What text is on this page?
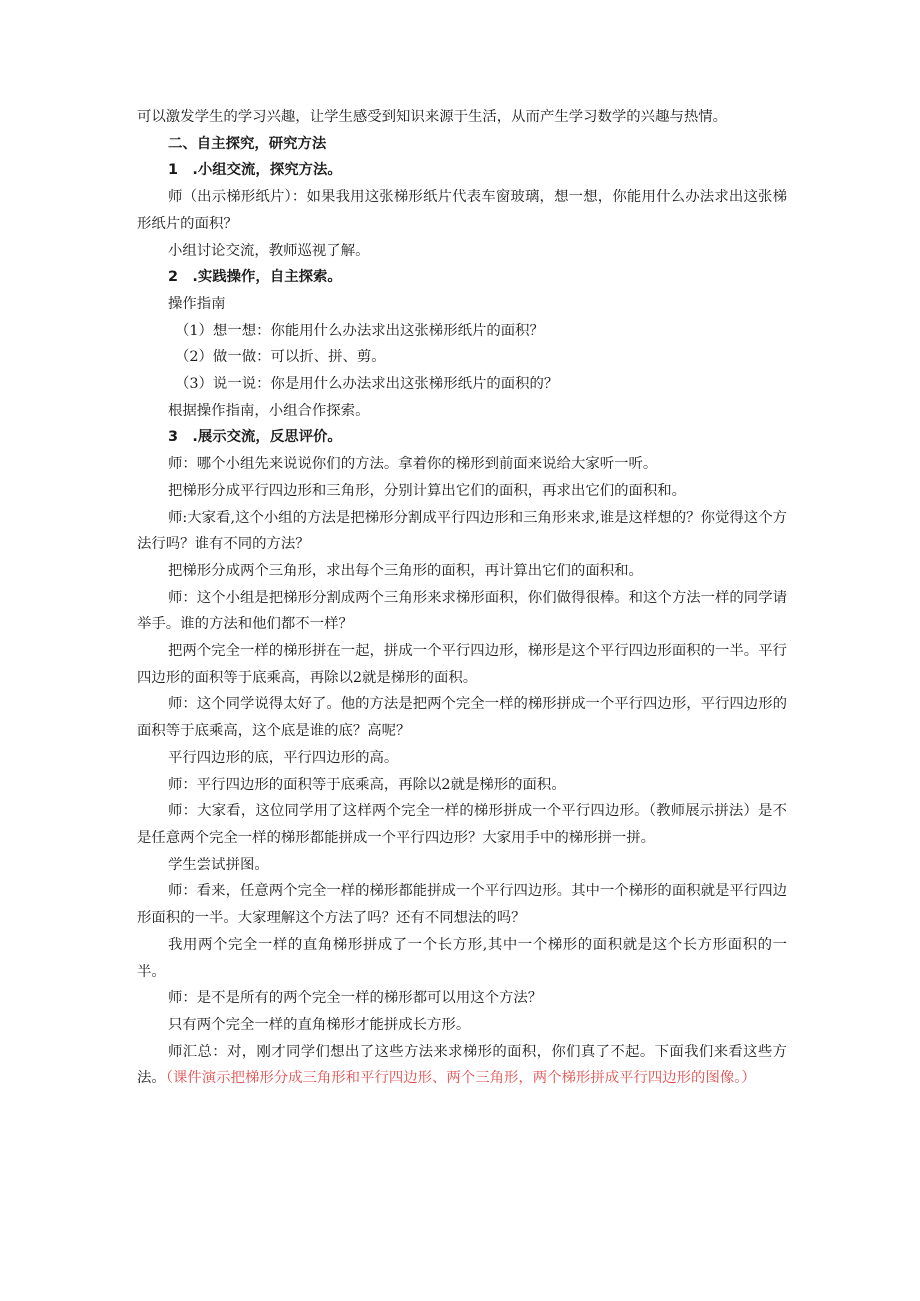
可以激发学生的学习兴趣，让学生感受到知识来源于生活，从而产生学习数学的兴趣与热情。

二、自主探究，研究方法

1　.小组交流，探究方法。

师（出示梯形纸片）：如果我用这张梯形纸片代表车窗玻璃，想一想，你能用什么办法求出这张梯形纸片的面积？

小组讨论交流，教师巡视了解。

2　.实践操作，自主探索。

操作指南

（1）想一想：你能用什么办法求出这张梯形纸片的面积？

（2）做一做：可以折、拼、剪。

（3）说一说：你是用什么办法求出这张梯形纸片的面积的？

根据操作指南，小组合作探索。

3　.展示交流，反思评价。

师：哪个小组先来说说你们的方法。拿着你的梯形到前面来说给大家听一听。

把梯形分成平行四边形和三角形，分别计算出它们的面积，再求出它们的面积和。

师:大家看,这个小组的方法是把梯形分割成平行四边形和三角形来求,谁是这样想的？你觉得这个方法行吗？谁有不同的方法？

把梯形分成两个三角形，求出每个三角形的面积，再计算出它们的面积和。

师：这个小组是把梯形分割成两个三角形来求梯形面积，你们做得很棒。和这个方法一样的同学请举手。谁的方法和他们都不一样？

把两个完全一样的梯形拼在一起，拼成一个平行四边形，梯形是这个平行四边形面积的一半。平行四边形的面积等于底乘高，再除以2就是梯形的面积。

师：这个同学说得太好了。他的方法是把两个完全一样的梯形拼成一个平行四边形，平行四边形的面积等于底乘高，这个底是谁的底？高呢？

平行四边形的底，平行四边形的高。

师：平行四边形的面积等于底乘高，再除以2就是梯形的面积。

师：大家看，这位同学用了这样两个完全一样的梯形拼成一个平行四边形。（教师展示拼法）是不是任意两个完全一样的梯形都能拼成一个平行四边形？大家用手中的梯形拼一拼。

学生尝试拼图。

师：看来，任意两个完全一样的梯形都能拼成一个平行四边形。其中一个梯形的面积就是平行四边形面积的一半。大家理解这个方法了吗？还有不同想法的吗？

我用两个完全一样的直角梯形拼成了一个长方形,其中一个梯形的面积就是这个长方形面积的一半。

师：是不是所有的两个完全一样的梯形都可以用这个方法？

只有两个完全一样的直角梯形才能拼成长方形。

师汇总：对，刚才同学们想出了这些方法来求梯形的面积，你们真了不起。下面我们来看这些方法。（课件演示把梯形分成三角形和平行四边形、两个三角形，两个梯形拼成平行四边形的图像。）
